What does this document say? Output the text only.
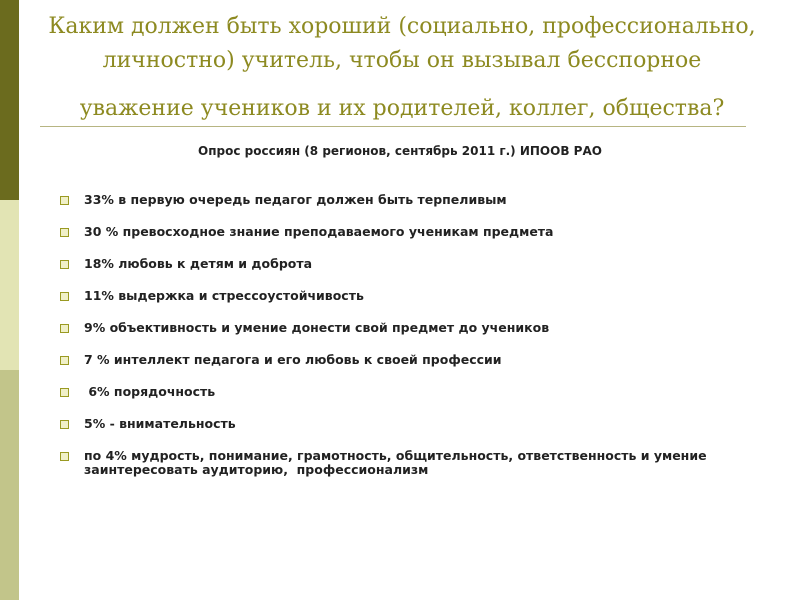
Каким должен быть хороший (социально, профессионально,
личностно) учитель, чтобы он вызывал бесспорное
уважение учеников и их родителей, коллег, общества?
Опрос россиян (8 регионов, сентябрь 2011 г.) ИПООВ РАО
33% в первую очередь педагог должен быть терпеливым
30 % превосходное знание преподаваемого ученикам предмета
18% любовь к детям и доброта
11% выдержка и стрессоустойчивость
9% объективность и умение донести свой предмет до учеников
7 % интеллект педагога и его любовь к своей профессии
6% порядочность
5% - внимательность
по 4% мудрость, понимание, грамотность, общительность, ответственность и умение заинтересовать аудиторию,  профессионализм
